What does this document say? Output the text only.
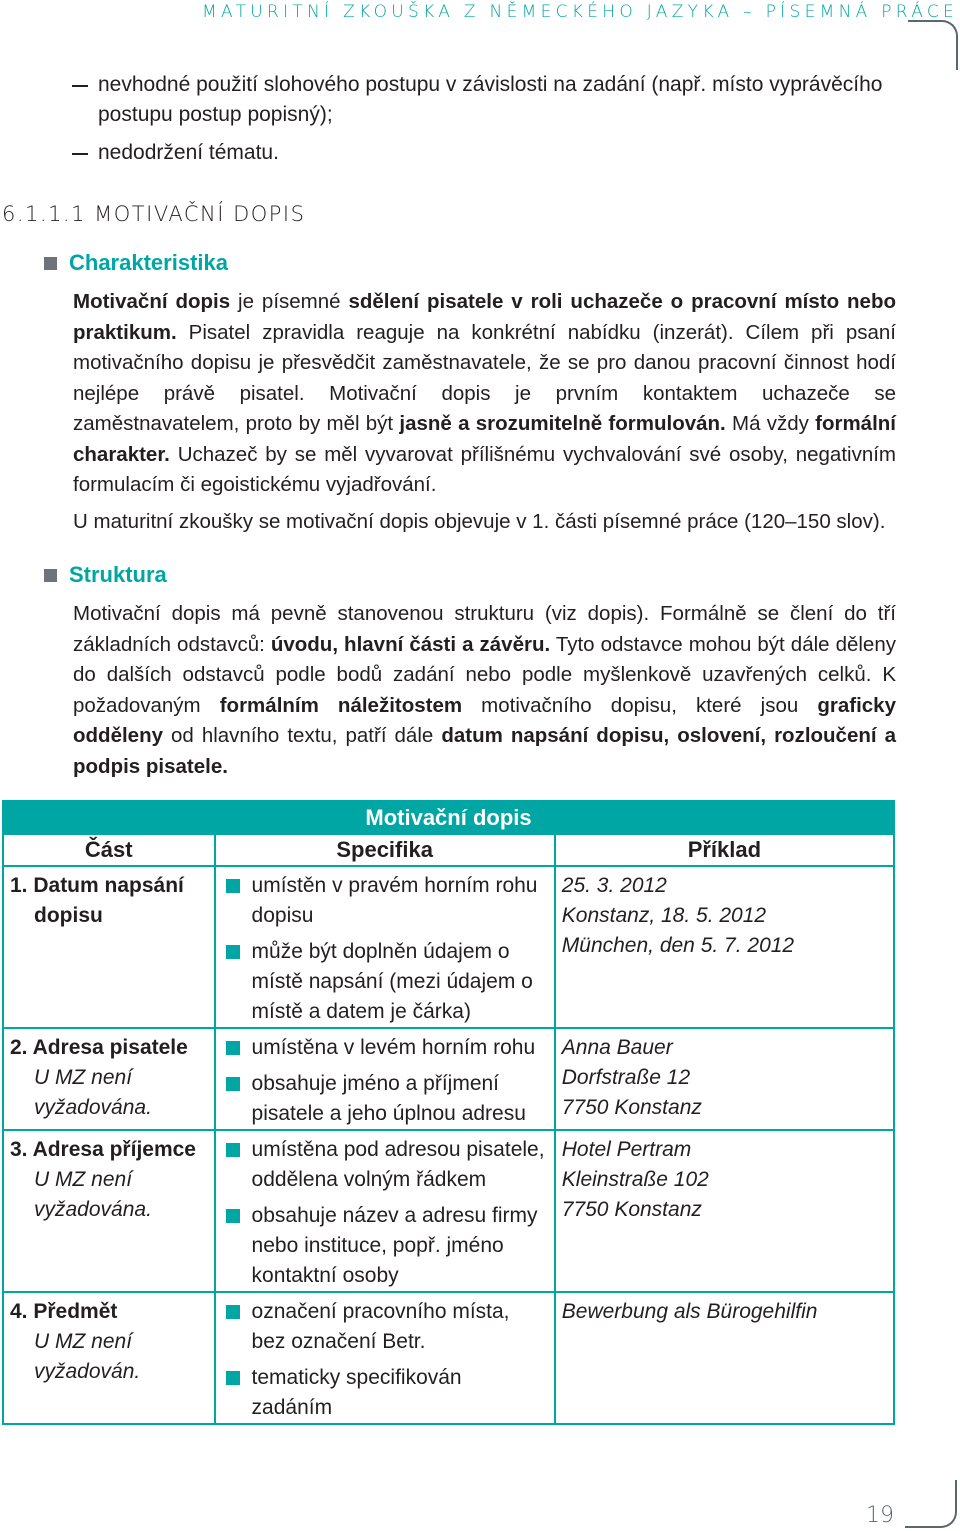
MATURITNÍ ZKOUŠKA Z NĚMECKÉHO JAZYKA – PÍSEMNÁ PRÁCE
19
nevhodné použití slohového postupu v závislosti na zadání (např. místo vyprávěcího postupu postup popisný);
nedodržení tématu.
6.1.1.1 MOTIVAČNÍ DOPIS
Charakteristika
Motivační dopis je písemné sdělení pisatele v roli uchazeče o pracovní místo nebo praktikum. Pisatel zpravidla reaguje na konkrétní nabídku (inzerát). Cílem při psaní motivačního dopisu je přesvědčit zaměstnavatele, že se pro danou pracovní činnost hodí nejlépe právě pisatel. Motivační dopis je prvním kontaktem uchazeče se zaměstnavatelem, proto by měl být jasně a srozumitelně formulován. Má vždy formální charakter. Uchazeč by se měl vyvarovat přílišnému vychvalování své osoby, negativním formulacím či egoistickému vyjadřování.
U maturitní zkoušky se motivační dopis objevuje v 1. části písemné práce (120–150 slov).
Struktura
Motivační dopis má pevně stanovenou strukturu (viz dopis). Formálně se člení do tří základních odstavců: úvodu, hlavní části a závěru. Tyto odstavce mohou být dále děleny do dalších odstavců podle bodů zadání nebo podle myšlenkově uzavřených celků. K požadovaným formálním náležitostem motivačního dopisu, které jsou graficky odděleny od hlavního textu, patří dále datum napsání dopisu, oslovení, rozloučení a podpis pisatele.
Motivační dopis
Část	Specifika	Příklad
1. Datum napsání dopisu
umístěn v pravém horním rohu dopisu
může být doplněn údajem o místě napsání (mezi údajem o místě a datem je čárka)
25. 3. 2012
Konstanz, 18. 5. 2012
München, den 5. 7. 2012
2. Adresa pisatele
U MZ není vyžadována.
umístěna v levém horním rohu
obsahuje jméno a příjmení pisatele a jeho úplnou adresu
Anna Bauer
Dorfstraße 12
7750 Konstanz
3. Adresa příjemce
U MZ není vyžadována.
umístěna pod adresou pisatele, oddělena volným řádkem
obsahuje název a adresu firmy nebo instituce, popř. jméno kontaktní osoby
Hotel Pertram
Kleinstraße 102
7750 Konstanz
4. Předmět
U MZ není vyžadován.
označení pracovního místa, bez označení Betr.
tematicky specifikován zadáním
Bewerbung als Bürogehilfin
